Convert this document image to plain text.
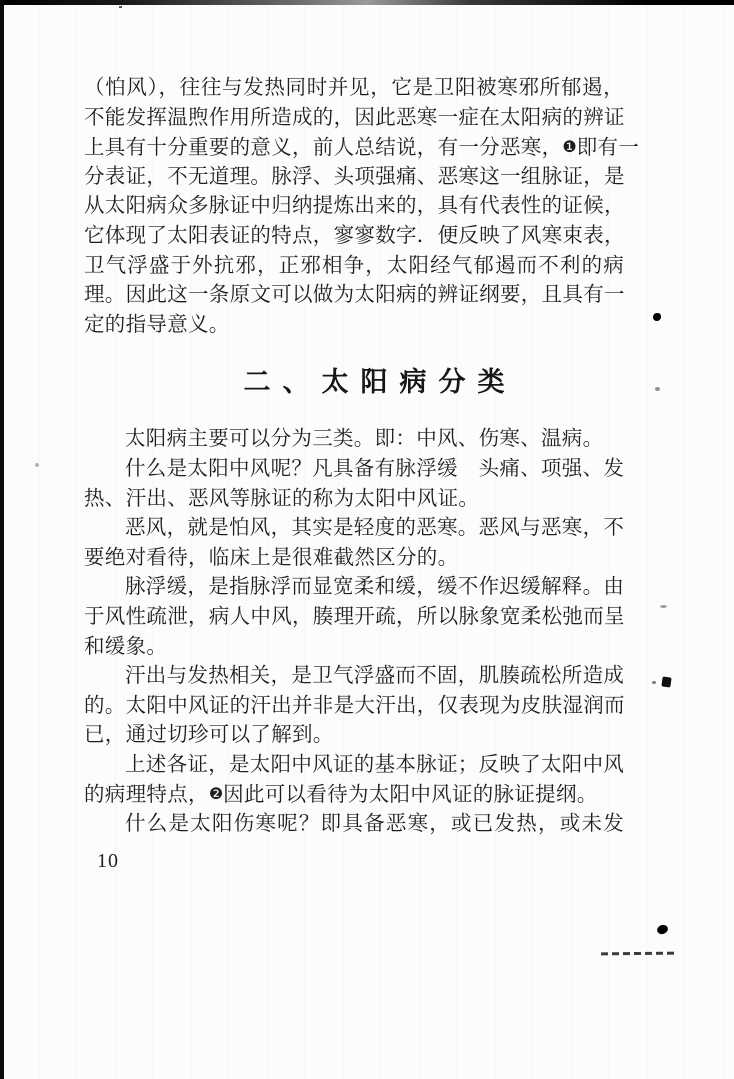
（怕风），往往与发热同时并见，它是卫阳被寒邪所郁遏，
不能发挥温煦作用所造成的，因此恶寒一症在太阳病的辨证
上具有十分重要的意义，前人总结说，有一分恶寒，❶即有一
分表证，不无道理。脉浮、头项强痛、恶寒这一组脉证，是
从太阳病众多脉证中归纳提炼出来的，具有代表性的证候，
它体现了太阳表证的特点，寥寥数字．便反映了风寒束表，
卫气浮盛于外抗邪，正邪相争，太阳经气郁遏而不利的病
理。因此这一条原文可以做为太阳病的辨证纲要，且具有一
定的指导意义。
二、太阳病分类
太阳病主要可以分为三类。即：中风、伤寒、温病。
什么是太阳中风呢？凡具备有脉浮缓　头痛、项强、发
热、汗出、恶风等脉证的称为太阳中风证。
恶风，就是怕风，其实是轻度的恶寒。恶风与恶寒，不
要绝对看待，临床上是很难截然区分的。
脉浮缓，是指脉浮而显宽柔和缓，缓不作迟缓解释。由
于风性疏泄，病人中风，腠理开疏，所以脉象宽柔松弛而呈
和缓象。
汗出与发热相关，是卫气浮盛而不固，肌腠疏松所造成
的。太阳中风证的汗出并非是大汗出，仅表现为皮肤湿润而
已，通过切珍可以了解到。
上述各证，是太阳中风证的基本脉证；反映了太阳中风
的病理特点，❷因此可以看待为太阳中风证的脉证提纲。
什么是太阳伤寒呢？即具备恶寒，或已发热，或未发
10
